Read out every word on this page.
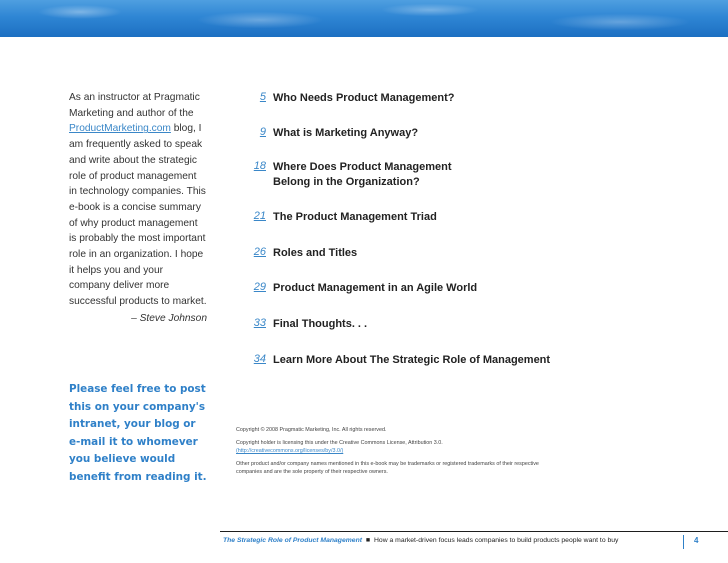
As an instructor at Pragmatic Marketing and author of the ProductMarketing.com blog, I am frequently asked to speak and write about the strategic role of product management in technology companies. This e-book is a concise summary of why product management is probably the most important role in an organization. I hope it helps you and your company deliver more successful products to market.
– Steve Johnson
Please feel free to post this on your company's intranet, your blog or e-mail it to whomever you believe would benefit from reading it.
5 Who Needs Product Management?
9 What is Marketing Anyway?
18 Where Does Product Management Belong in the Organization?
21 The Product Management Triad
26 Roles and Titles
29 Product Management in an Agile World
33 Final Thoughts. . .
34 Learn More About The Strategic Role of Management

Copyright © 2008 Pragmatic Marketing, Inc. All rights reserved.

Copyright holder is licensing this under the Creative Commons License, Attribution 3.0.
(http://creativecommons.org/licenses/by/3.0/)

Other product and/or company names mentioned in this e-book may be trademarks or registered trademarks of their respective companies and are the sole property of their respective owners.

The Strategic Role of Product Management ■ How a market-driven focus leads companies to build products people want to buy	4
